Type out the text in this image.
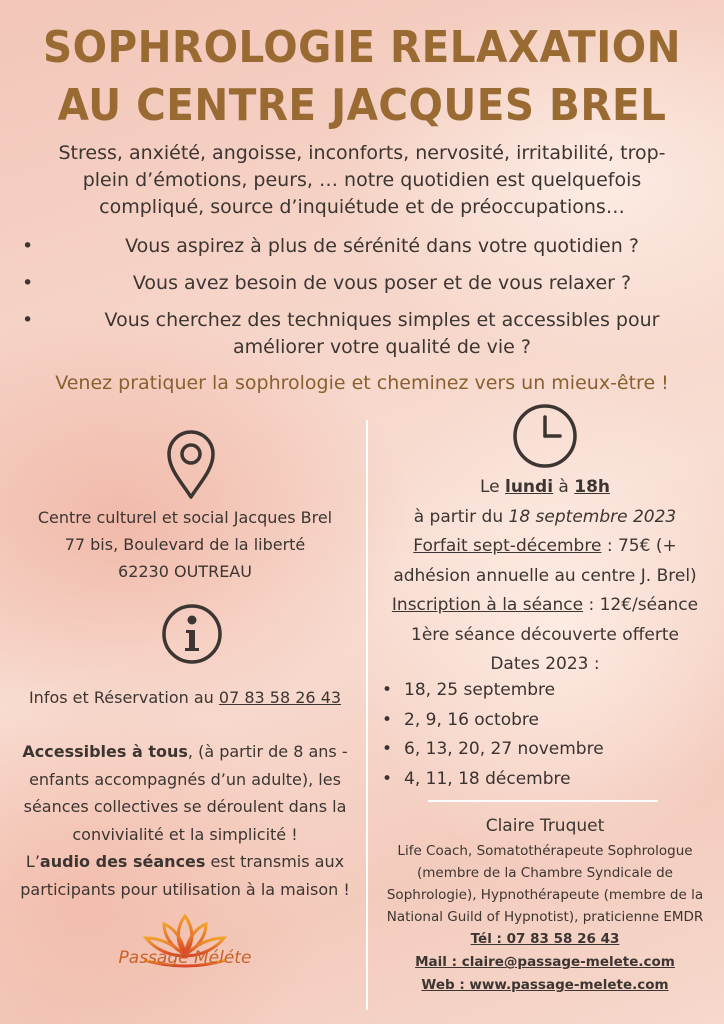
SOPHROLOGIE RELAXATION
AU CENTRE JACQUES BREL
Stress, anxiété, angoisse, inconforts, nervosité, irritabilité, trop-
plein d’émotions, peurs, … notre quotidien est quelquefois
compliqué, source d’inquiétude et de préoccupations…
•	Vous aspirez à plus de sérénité dans votre quotidien ?
•	Vous avez besoin de vous poser et de vous relaxer ?
•	Vous cherchez des techniques simples et accessibles pour
améliorer votre qualité de vie ?
Venez pratiquer la sophrologie et cheminez vers un mieux-être !
Centre culturel et social Jacques Brel
77 bis, Boulevard de la liberté
62230 OUTREAU
Infos et Réservation au 07 83 58 26 43
Accessibles à tous, (à partir de 8 ans -
enfants accompagnés d’un adulte), les
séances collectives se déroulent dans la
convivialité et la simplicité !
L’audio des séances est transmis aux
participants pour utilisation à la maison !
Le lundi à 18h
à partir du 18 septembre 2023
Forfait sept-décembre : 75€ (+
adhésion annuelle au centre J. Brel)
Inscription à la séance : 12€/séance
1ère séance découverte offerte
Dates 2023 :
• 18, 25 septembre
• 2, 9, 16 octobre
• 6, 13, 20, 27 novembre
• 4, 11, 18 décembre
Claire Truquet
Life Coach, Somatothérapeute Sophrologue
(membre de la Chambre Syndicale de
Sophrologie), Hypnothérapeute (membre de la
National Guild of Hypnotist), praticienne EMDR
Tél : 07 83 58 26 43
Mail : claire@passage-melete.com
Web : www.passage-melete.com
Passage Méléte
